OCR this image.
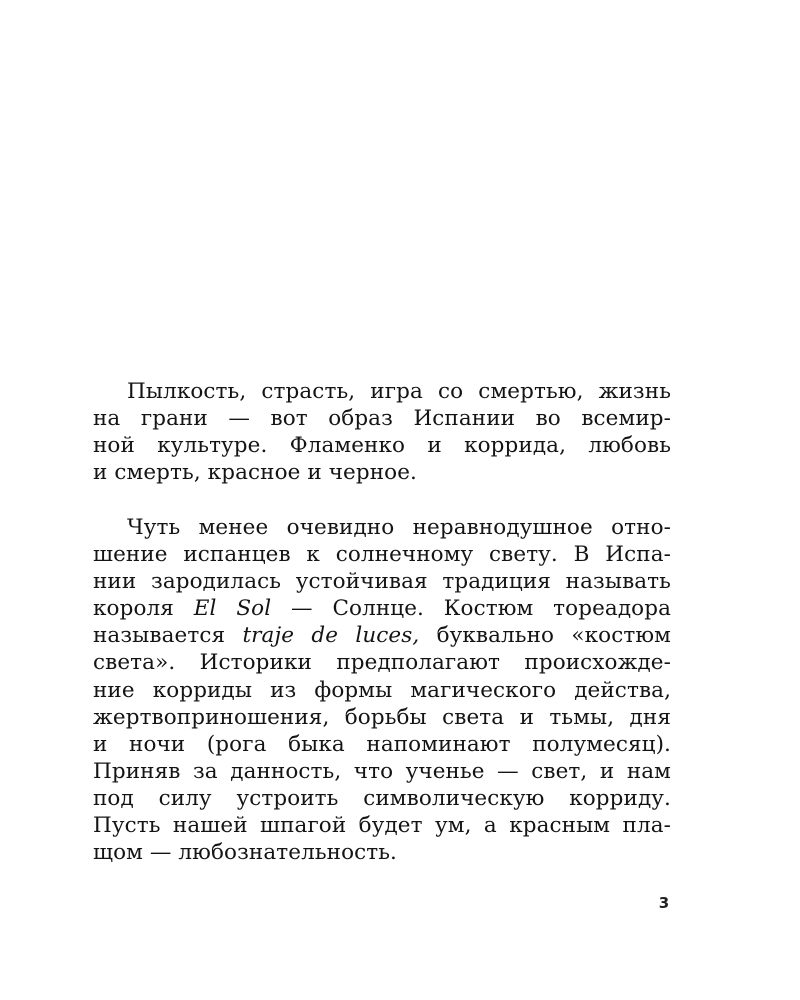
Пылкость, страсть, игра со смертью, жизнь
на грани — вот образ Испании во всемир-
ной культуре. Фламенко и коррида, любовь
и смерть, красное и черное.
Чуть менее очевидно неравнодушное отно-
шение испанцев к солнечному свету. В Испа-
нии зародилась устойчивая традиция называть
короля El Sol — Солнце. Костюм тореадора
называется traje de luces, буквально «костюм
света». Историки предполагают происхожде-
ние корриды из формы магического действа,
жертвоприношения, борьбы света и тьмы, дня
и ночи (рога быка напоминают полумесяц).
Приняв за данность, что ученье — свет, и нам
под силу устроить символическую корриду.
Пусть нашей шпагой будет ум, а красным пла-
щом — любознательность.
3
